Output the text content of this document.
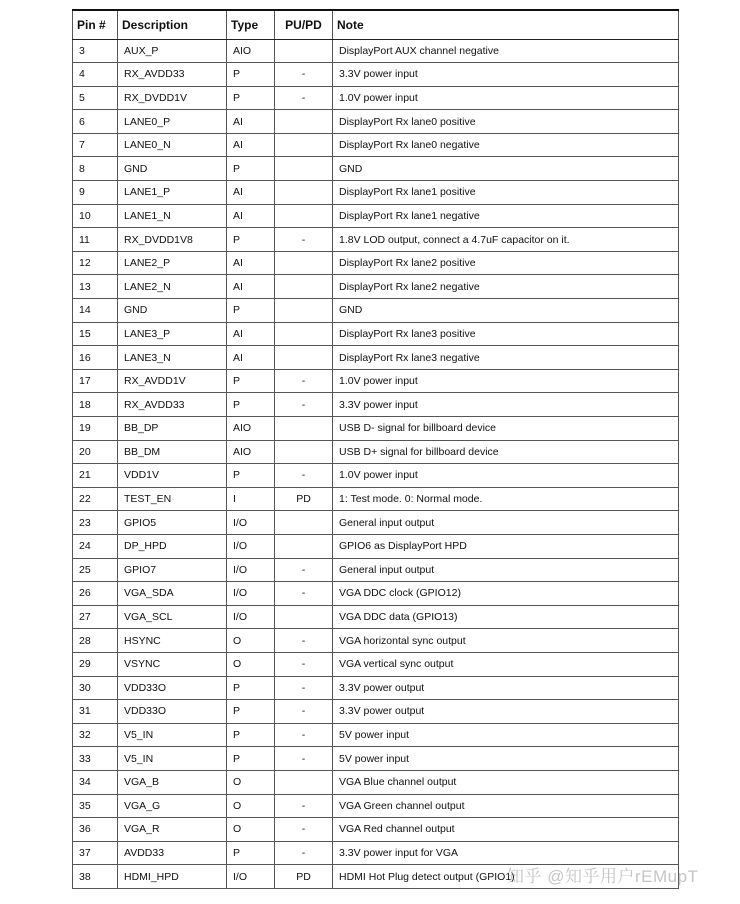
Pin #	Description	Type	PU/PD	Note
3	AUX_P	AIO		DisplayPort AUX channel negative
4	RX_AVDD33	P	-	3.3V power input
5	RX_DVDD1V	P	-	1.0V power input
6	LANE0_P	AI		DisplayPort Rx lane0 positive
7	LANE0_N	AI		DisplayPort Rx lane0 negative
8	GND	P		GND
9	LANE1_P	AI		DisplayPort Rx lane1 positive
10	LANE1_N	AI		DisplayPort Rx lane1 negative
11	RX_DVDD1V8	P	-	1.8V LOD output, connect a 4.7uF capacitor on it.
12	LANE2_P	AI		DisplayPort Rx lane2 positive
13	LANE2_N	AI		DisplayPort Rx lane2 negative
14	GND	P		GND
15	LANE3_P	AI		DisplayPort Rx lane3 positive
16	LANE3_N	AI		DisplayPort Rx lane3 negative
17	RX_AVDD1V	P	-	1.0V power input
18	RX_AVDD33	P	-	3.3V power input
19	BB_DP	AIO		USB D- signal for billboard device
20	BB_DM	AIO		USB D+ signal for billboard device
21	VDD1V	P	-	1.0V power input
22	TEST_EN	I	PD	1: Test mode. 0: Normal mode.
23	GPIO5	I/O		General input output
24	DP_HPD	I/O		GPIO6 as DisplayPort HPD
25	GPIO7	I/O	-	General input output
26	VGA_SDA	I/O	-	VGA DDC clock (GPIO12)
27	VGA_SCL	I/O		VGA DDC data (GPIO13)
28	HSYNC	O	-	VGA horizontal sync output
29	VSYNC	O	-	VGA vertical sync output
30	VDD33O	P	-	3.3V power output
31	VDD33O	P	-	3.3V power output
32	V5_IN	P	-	5V power input
33	V5_IN	P	-	5V power input
34	VGA_B	O		VGA Blue channel output
35	VGA_G	O	-	VGA Green channel output
36	VGA_R	O	-	VGA Red channel output
37	AVDD33	P	-	3.3V power input for VGA
38	HDMI_HPD	I/O	PD	HDMI Hot Plug detect output (GPIO1)
知乎 @知乎用户rEMupT
